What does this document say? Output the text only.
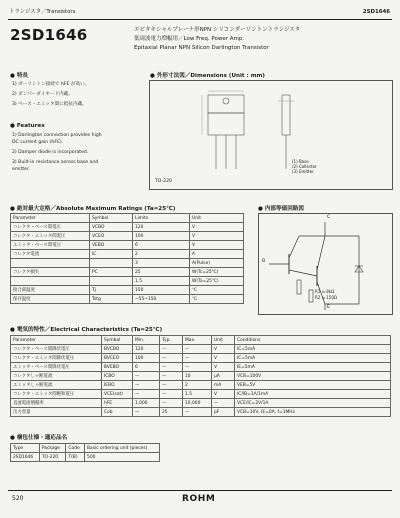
トランジスタ／Transistors	2SD1646
2SD1646	エピタキシャルプレーナ形NPN シリコンダーリントントランジスタ
低周波電力増幅用／Low Freq. Power Amp.
Epitaxial Planar NPN Silicon Darlington Transistor
● 特長
1) ダーリントン接続で hFE が高い。
2) ダンパーダイオード内蔵。
3) ベース・エミッタ間に抵抗内蔵。
● Features
1) Darlington connection provides high
DC current gain (hFE).
2) Damper diode is incorporated.
3) Built-in resistance across base and
emitter.
● 外形寸法図／Dimensions (Unit : mm)
TO-220
(1) Base
(2) Collector
(3) Emitter
● 絶対最大定格／Absolute Maximum Ratings (Ta=25℃)
Parameter	Symbol	Limits	Unit
コレクタ・ベース間電圧	VCBO	120	V
コレクタ・エミッタ間電圧	VCEO	100	V
エミッタ・ベース間電圧	VEBO	6	V
コレクタ電流	IC	2	A
		3	A(Pulse)
コレクタ損失	PC	25	W(Tc=25℃)
		1.5	W(Ta=25℃)
接合部温度	Tj	150	℃
保存温度	Tstg	−55~150	℃
● 内部等価回路図
C
B
E
R1 ≒ 8kΩ
R2 ≒ 150Ω
● 電気的特性／Electrical Characteristics (Ta=25℃)
Parameter	Symbol	Min.	Typ.	Max.	Unit	Conditions
コレクタ・ベース間降伏電圧	BVCBO	120	—	—	V	IC=5mA
コレクタ・エミッタ間降伏電圧	BVCEO	100	—	—	V	IC=5mA
エミッタ・ベース間降伏電圧	BVEBO	6	—	—	V	IE=5mA
コレクタしゃ断電流	ICBO	—	—	10	μA	VCB=100V
エミッタしゃ断電流	IEBO	—	—	2	mA	VEB=5V
コレクタ・エミッタ間飽和電圧	VCE(sat)	—	—	1.5	V	IC/IB=1A/1mA
直流電流増幅率	hFE	1,000	—	10,000	—	VCE/IC=2V/1A
出力容量	Cob	—	25	—	pF	VCB=10V, IE=0A, f=1MHz
● 梱包仕様・適応品名
Type	Package	Code	Basic ordering unit (pieces)
2SD1646	TO-220	T(B)	500
520	ROHM
